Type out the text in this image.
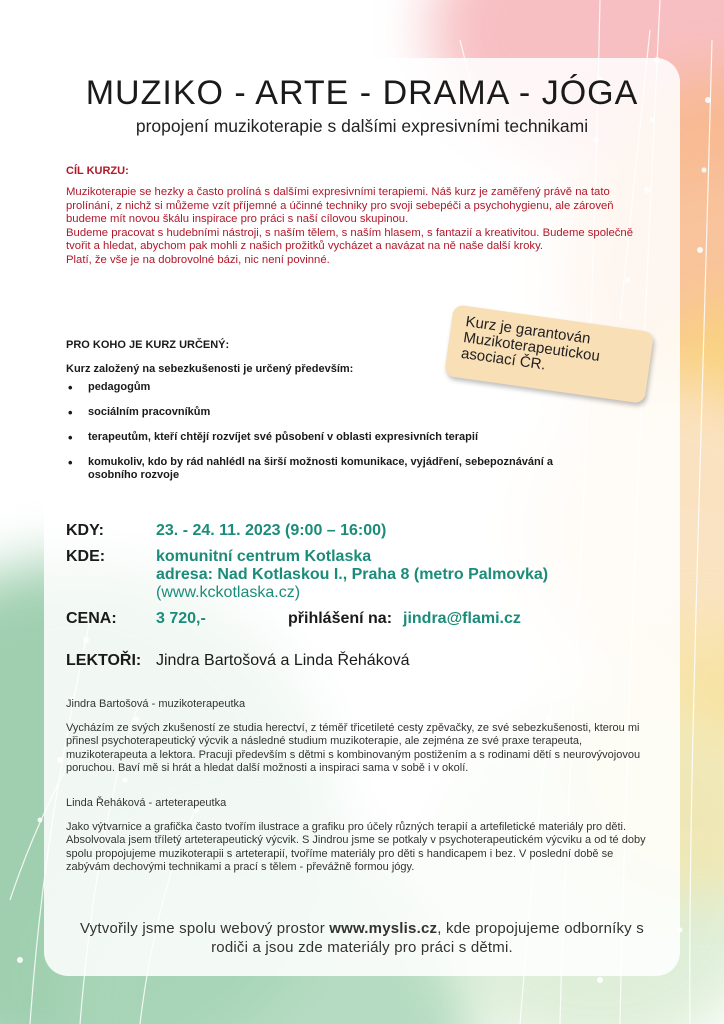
MUZIKO - ARTE - DRAMA - JÓGA
propojení muzikoterapie s dalšími expresivními technikami
CÍL KURZU:

Muzikoterapie se hezky a často prolíná s dalšími expresivními terapiemi. Náš kurz je zaměřený právě na tato prolínání, z nichž si můžeme vzít příjemné a účinné techniky pro svoji sebepéči a psychohygienu, ale zároveň budeme mít novou škálu inspirace pro práci s naší cílovou skupinou.

Budeme pracovat s hudebními nástroji, s naším tělem, s naším hlasem, s fantazií a kreativitou. Budeme společně tvořit a hledat, abychom pak mohli z našich prožitků vycházet a navázat na ně naše další kroky.

Platí, že vše je na dobrovolné bázi, nic není povinné.

PRO KOHO JE KURZ URČENÝ:
Kurz založený na sebezkušenosti je určený především:
• pedagogům
• sociálním pracovníkům
• terapeutům, kteří chtějí rozvíjet své působení v oblasti expresivních terapií
• komukoliv, kdo by rád nahlédl na širší možnosti komunikace, vyjádření, sebepoznávání a osobního rozvoje
Kurz je garantován Muzikoterapeutickou asociací ČR.
KDY:	23. - 24. 11. 2023 (9:00 – 16:00)
KDE:	komunitní centrum Kotlaska
adresa: Nad Kotlaskou I., Praha 8 (metro Palmovka)
(www.kckotlaska.cz)
CENA: 3 720,-	přihlášení na: jindra@flami.cz
LEKTOŘI: Jindra Bartošová a Linda Řeháková
Jindra Bartošová - muzikoterapeutka

Vycházím ze svých zkušeností ze studia herectví, z téměř třicetileté cesty zpěvačky, ze své sebezkušenosti, kterou mi přinesl psychoterapeutický výcvik a následné studium muzikoterapie, ale zejména ze své praxe terapeuta, muzikoterapeuta a lektora. Pracuji především s dětmi s kombinovaným postižením a s rodinami dětí s neurovývojovou poruchou. Baví mě si hrát a hledat další možnosti a inspiraci sama v sobě i v okolí.

Linda Řeháková - arteterapeutka

Jako výtvarnice a grafička často tvořím ilustrace a grafiku pro účely různých terapií a artefiletické materiály pro děti. Absolvovala jsem tříletý arteterapeutický výcvik. S Jindrou jsme se potkaly v psychoterapeutickém výcviku a od té doby spolu propojujeme muzikoterapii s arteterapií, tvoříme materiály pro děti s handicapem i bez. V poslední době se zabývám dechovými technikami a prací s tělem - převážně formou jógy.

Vytvořily jsme spolu webový prostor www.myslis.cz, kde propojujeme odborníky s rodiči a jsou zde materiály pro práci s dětmi.
